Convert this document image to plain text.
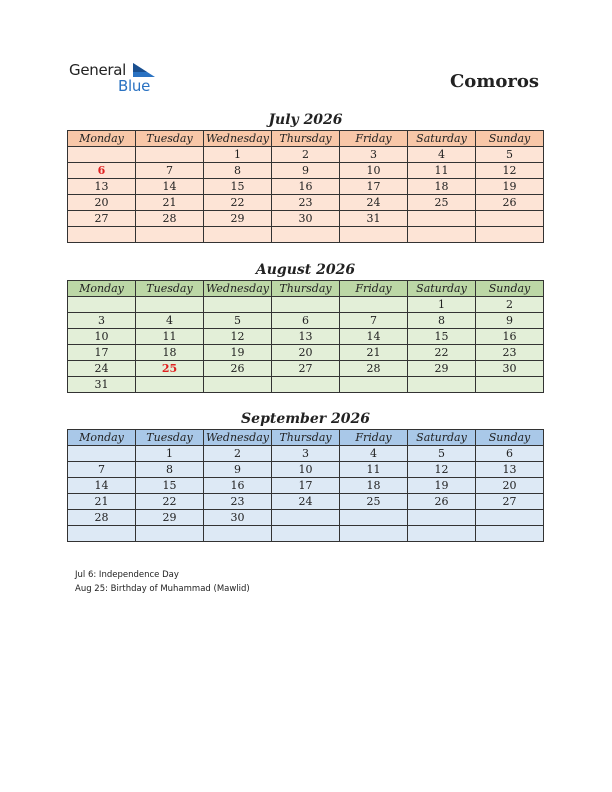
General
Blue	Comoros
July 2026
Monday	Tuesday	Wednesday	Thursday	Friday	Saturday	Sunday
		1	2	3	4	5
6	7	8	9	10	11	12
13	14	15	16	17	18	19
20	21	22	23	24	25	26
27	28	29	30	31		

August 2026
Monday	Tuesday	Wednesday	Thursday	Friday	Saturday	Sunday
					1	2
3	4	5	6	7	8	9
10	11	12	13	14	15	16
17	18	19	20	21	22	23
24	25	26	27	28	29	30
31						
September 2026
Monday	Tuesday	Wednesday	Thursday	Friday	Saturday	Sunday
	1	2	3	4	5	6
7	8	9	10	11	12	13
14	15	16	17	18	19	20
21	22	23	24	25	26	27
28	29	30				

Jul 6: Independence Day
Aug 25: Birthday of Muhammad (Mawlid)
